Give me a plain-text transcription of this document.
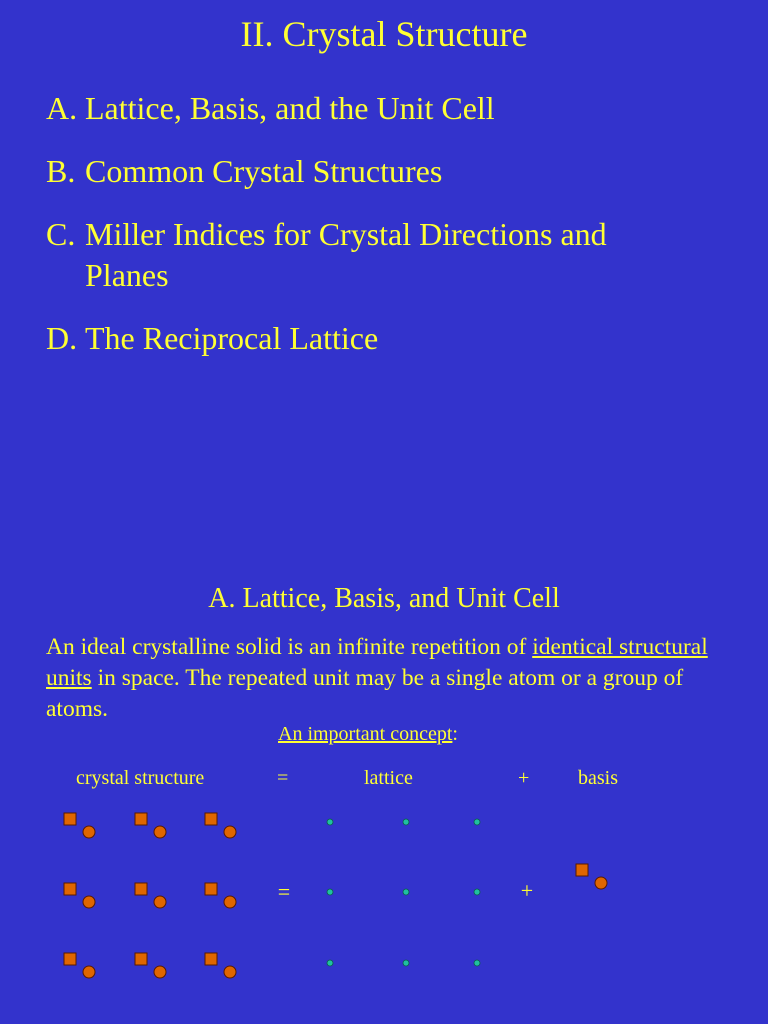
II. Crystal Structure
A. Lattice, Basis, and the Unit Cell
B. Common Crystal Structures
C. Miller Indices for Crystal Directions and Planes
D. The Reciprocal Lattice
A. Lattice, Basis, and Unit Cell
An ideal crystalline solid is an infinite repetition of identical structural units in space. The repeated unit may be a single atom or a group of atoms.
An important concept:
crystal structure	=	lattice	+ basis
=	+
